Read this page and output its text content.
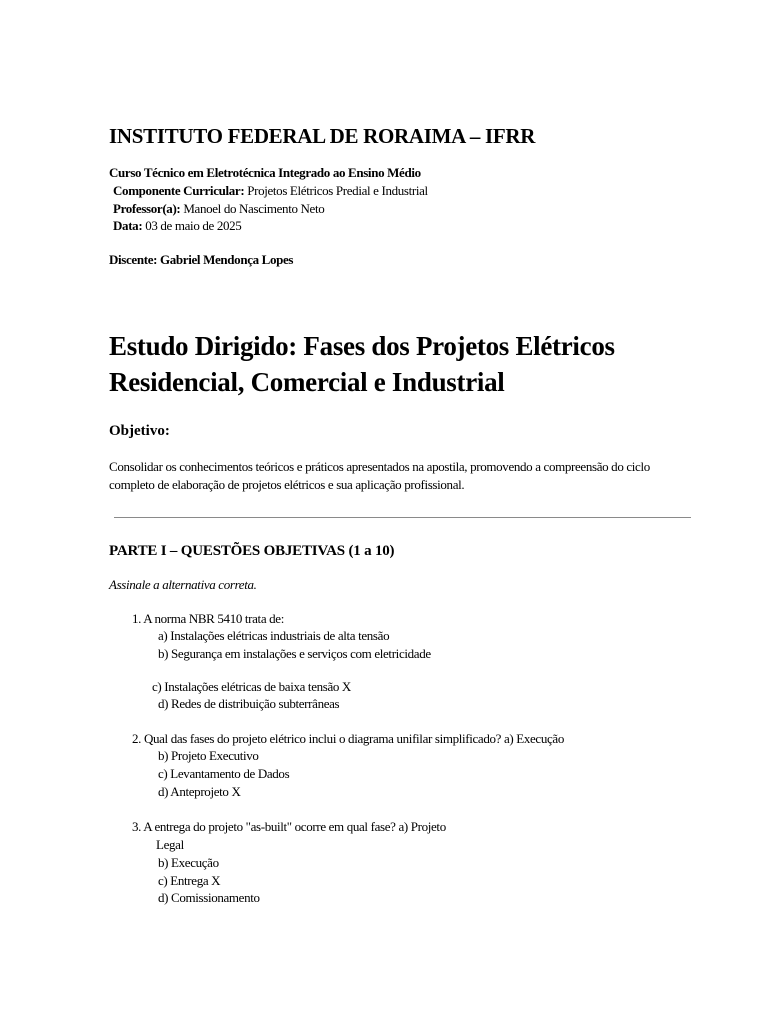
INSTITUTO FEDERAL DE RORAIMA – IFRR
Curso Técnico em Eletrotécnica Integrado ao Ensino Médio
Componente Curricular: Projetos Elétricos Predial e Industrial
Professor(a): Manoel do Nascimento Neto
Data: 03 de maio de 2025
Discente: Gabriel Mendonça Lopes
Estudo Dirigido: Fases dos Projetos Elétricos
Residencial, Comercial e Industrial
Objetivo:
Consolidar os conhecimentos teóricos e práticos apresentados na apostila, promovendo a compreensão do ciclo
completo de elaboração de projetos elétricos e sua aplicação profissional.
PARTE I – QUESTÕES OBJETIVAS (1 a 10)
Assinale a alternativa correta.
1. A norma NBR 5410 trata de:
a) Instalações elétricas industriais de alta tensão
b) Segurança em instalações e serviços com eletricidade
c) Instalações elétricas de baixa tensão X
d) Redes de distribuição subterrâneas
2. Qual das fases do projeto elétrico inclui o diagrama unifilar simplificado? a) Execução
b) Projeto Executivo
c) Levantamento de Dados
d) Anteprojeto X
3. A entrega do projeto "as-built" ocorre em qual fase? a) Projeto
Legal
b) Execução
c) Entrega X
d) Comissionamento
